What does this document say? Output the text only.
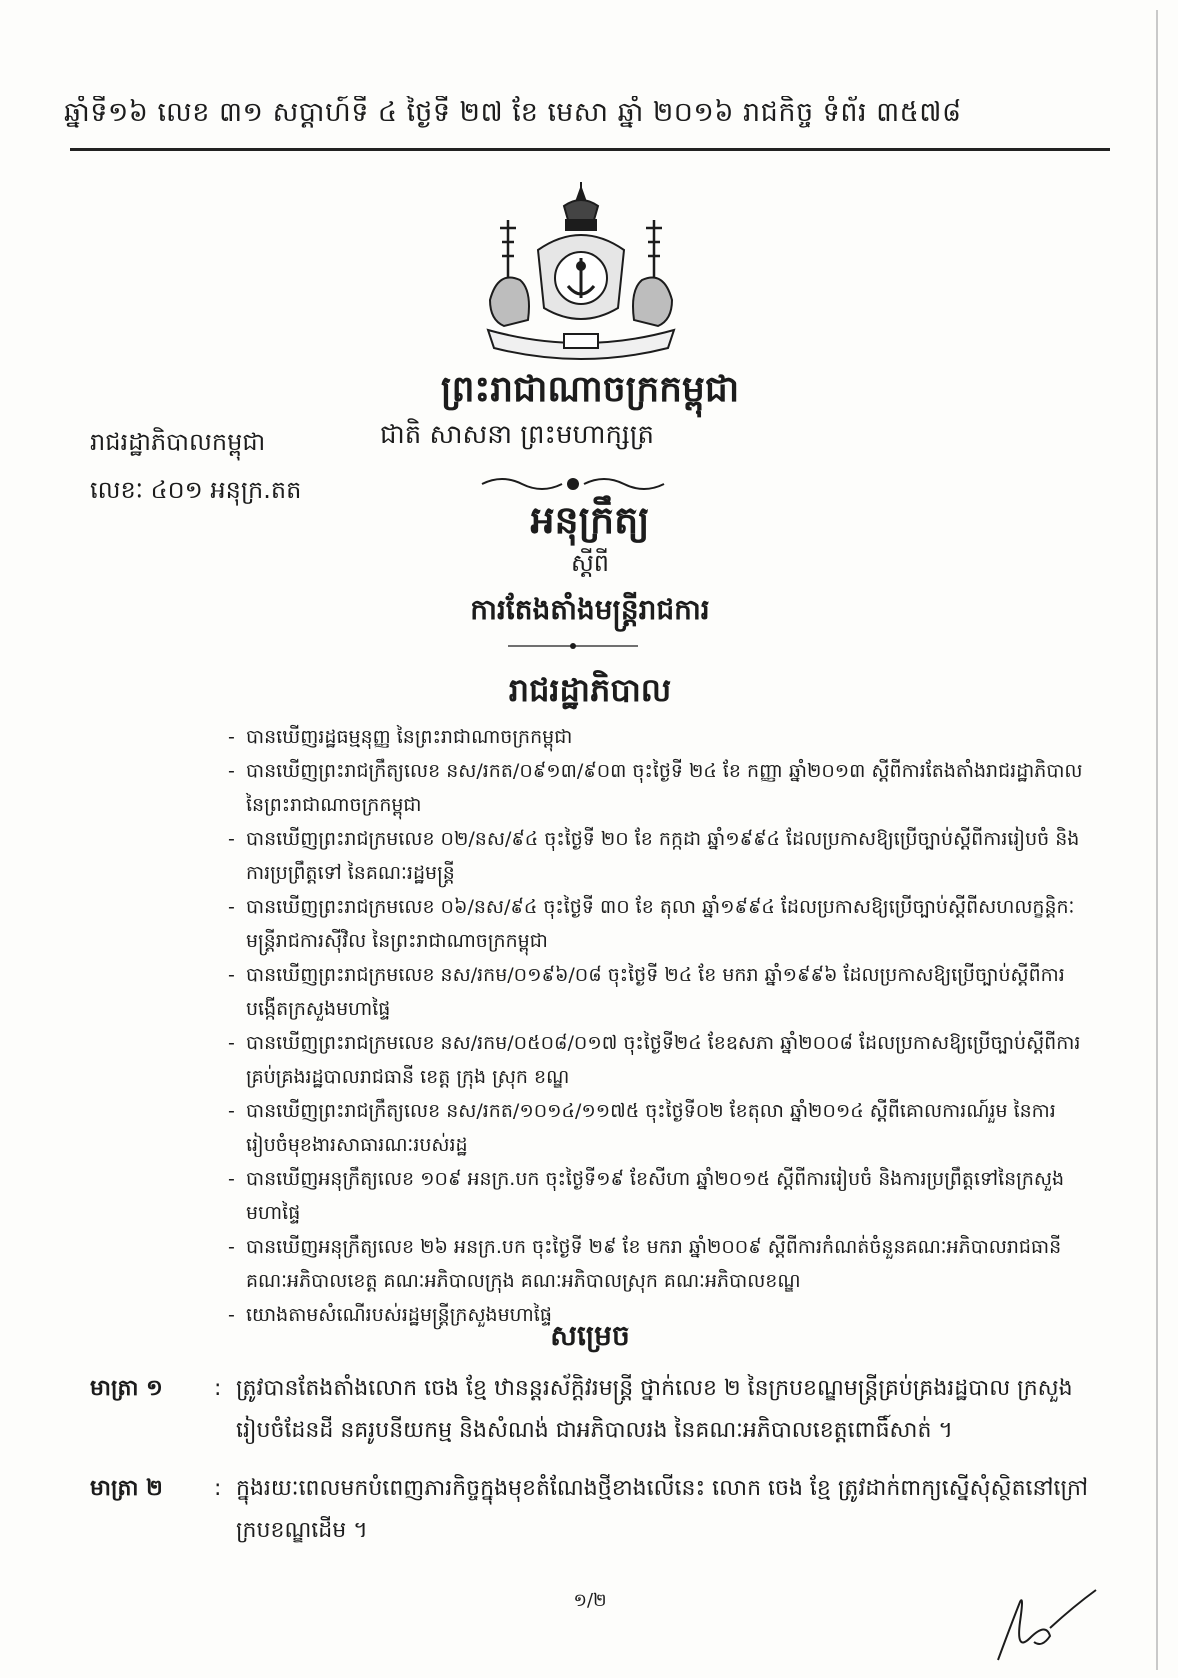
ឆ្នាំទី១៦ លេខ ៣១ សប្ដាហ៍ទី ៤ ថ្ងៃទី ២៧ ខែ មេសា ឆ្នាំ ២០១៦ រាជកិច្ច ទំព័រ ៣៥៧៨
ព្រះរាជាណាចក្រកម្ពុជា
រាជរដ្ឋាភិបាលកម្ពុជា
លេខៈ ៤០១ អនុក្រ.តត
ជាតិ សាសនា ព្រះមហាក្សត្រ
អនុក្រឹត្យ
ស្ដីពី
ការតែងតាំងមន្ត្រីរាជការ
រាជរដ្ឋាភិបាល
- បានឃើញរដ្ឋធម្មនុញ្ញ នៃព្រះរាជាណាចក្រកម្ពុជា
- បានឃើញព្រះរាជក្រឹត្យលេខ នស/រកត/០៩១៣/៩០៣ ចុះថ្ងៃទី ២៤ ខែ កញ្ញា ឆ្នាំ២០១៣ ស្ដីពីការតែងតាំងរាជរដ្ឋាភិបាល នៃព្រះរាជាណាចក្រកម្ពុជា
- បានឃើញព្រះរាជក្រមលេខ ០២/នស/៩៤ ចុះថ្ងៃទី ២០ ខែ កក្កដា ឆ្នាំ១៩៩៤ ដែលប្រកាសឱ្យប្រើច្បាប់ស្ដីពីការរៀបចំ និងការប្រព្រឹត្តទៅ នៃគណៈរដ្ឋមន្ត្រី
- បានឃើញព្រះរាជក្រមលេខ ០៦/នស/៩៤ ចុះថ្ងៃទី ៣០ ខែ តុលា ឆ្នាំ១៩៩៤ ដែលប្រកាសឱ្យប្រើច្បាប់ស្ដីពីសហលក្ខន្តិកៈមន្ត្រីរាជការស៊ីវិល នៃព្រះរាជាណាចក្រកម្ពុជា
- បានឃើញព្រះរាជក្រមលេខ នស/រកម/០១៩៦/០៨ ចុះថ្ងៃទី ២៤ ខែ មករា ឆ្នាំ១៩៩៦ ដែលប្រកាសឱ្យប្រើច្បាប់ស្ដីពីការបង្កើតក្រសួងមហាផ្ទៃ
- បានឃើញព្រះរាជក្រមលេខ នស/រកម/០៥០៨/០១៧ ចុះថ្ងៃទី២៤ ខែឧសភា ឆ្នាំ២០០៨ ដែលប្រកាសឱ្យប្រើច្បាប់ស្ដីពីការគ្រប់គ្រងរដ្ឋបាលរាជធានី ខេត្ត ក្រុង ស្រុក ខណ្ឌ
- បានឃើញព្រះរាជក្រឹត្យលេខ នស/រកត/១០១៤/១១៧៥ ចុះថ្ងៃទី០២ ខែតុលា ឆ្នាំ២០១៤ ស្ដីពីគោលការណ៍រួម នៃការរៀបចំមុខងារសាធារណៈរបស់រដ្ឋ
- បានឃើញអនុក្រឹត្យលេខ ១០៩ អនក្រ.បក ចុះថ្ងៃទី១៩ ខែសីហា ឆ្នាំ២០១៥ ស្ដីពីការរៀបចំ និងការប្រព្រឹត្តទៅនៃក្រសួងមហាផ្ទៃ
- បានឃើញអនុក្រឹត្យលេខ ២៦ អនក្រ.បក ចុះថ្ងៃទី ២៩ ខែ មករា ឆ្នាំ២០០៩ ស្ដីពីការកំណត់ចំនួនគណៈអភិបាលរាជធានី គណៈអភិបាលខេត្ត គណៈអភិបាលក្រុង គណៈអភិបាលស្រុក គណៈអភិបាលខណ្ឌ
- យោងតាមសំណើរបស់រដ្ឋមន្ត្រីក្រសួងមហាផ្ទៃ
សម្រេច
មាត្រា ១	: ត្រូវបានតែងតាំងលោក ចេង ខ្មែ ឋានន្តរស័ក្តិវរមន្ត្រី ថ្នាក់លេខ ២ នៃក្របខណ្ឌមន្ត្រីគ្រប់គ្រងរដ្ឋបាល ក្រសួងរៀបចំដែនដី នគរូបនីយកម្ម និងសំណង់ ជាអភិបាលរង នៃគណៈអភិបាលខេត្តពោធិ៍សាត់ ។
មាត្រា ២	: ក្នុងរយៈពេលមកបំពេញភារកិច្ចក្នុងមុខតំណែងថ្មីខាងលើនេះ លោក ចេង ខ្មែ ត្រូវដាក់ពាក្យស្នើសុំស្ថិតនៅក្រៅក្របខណ្ឌដើម ។
១/២
